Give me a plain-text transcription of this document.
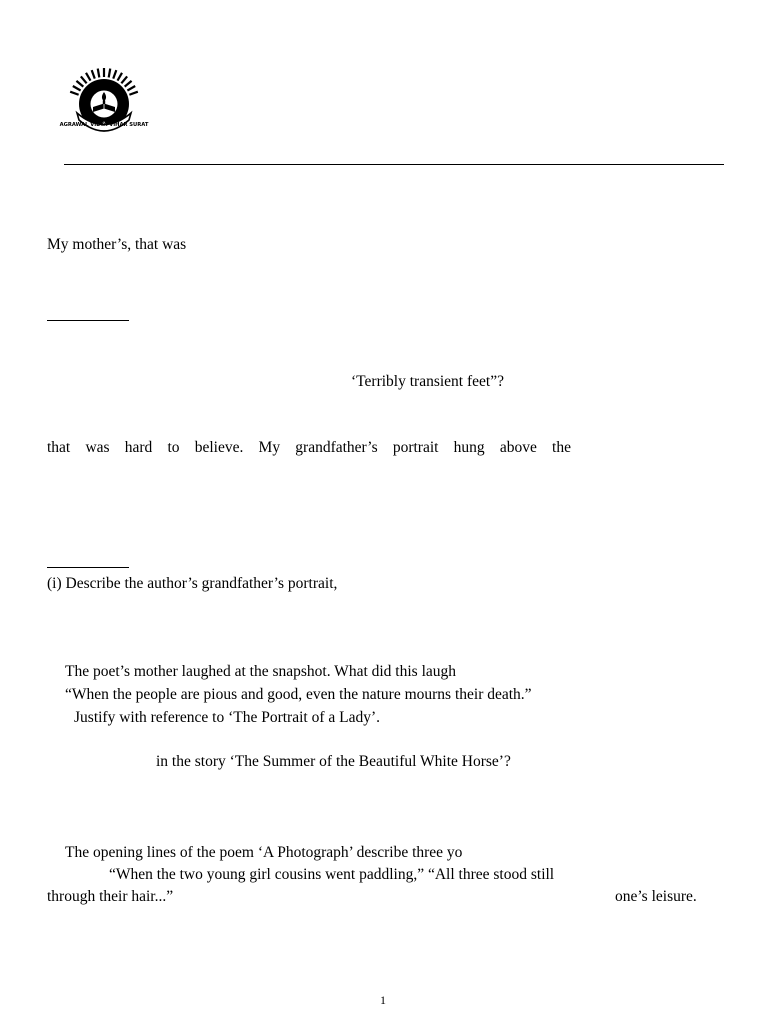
AGRAWAL VIDYA VIHAR SURAT
My mother’s, that was
‘Terribly transient feet”?
that was hard to believe. My grandfather’s portrait hung above the
(i) Describe the author’s grandfather’s portrait,
The poet’s mother laughed at the snapshot. What did this laugh
“When the people are pious and good, even the nature mourns their death.”
Justify with reference to ‘The Portrait of a Lady’.
in the story ‘The Summer of the Beautiful White Horse’?
The opening lines of the poem ‘A Photograph’ describe three yo
“When the two young girl cousins went paddling,” “All three stood still
through their hair...”	one’s leisure.
1
